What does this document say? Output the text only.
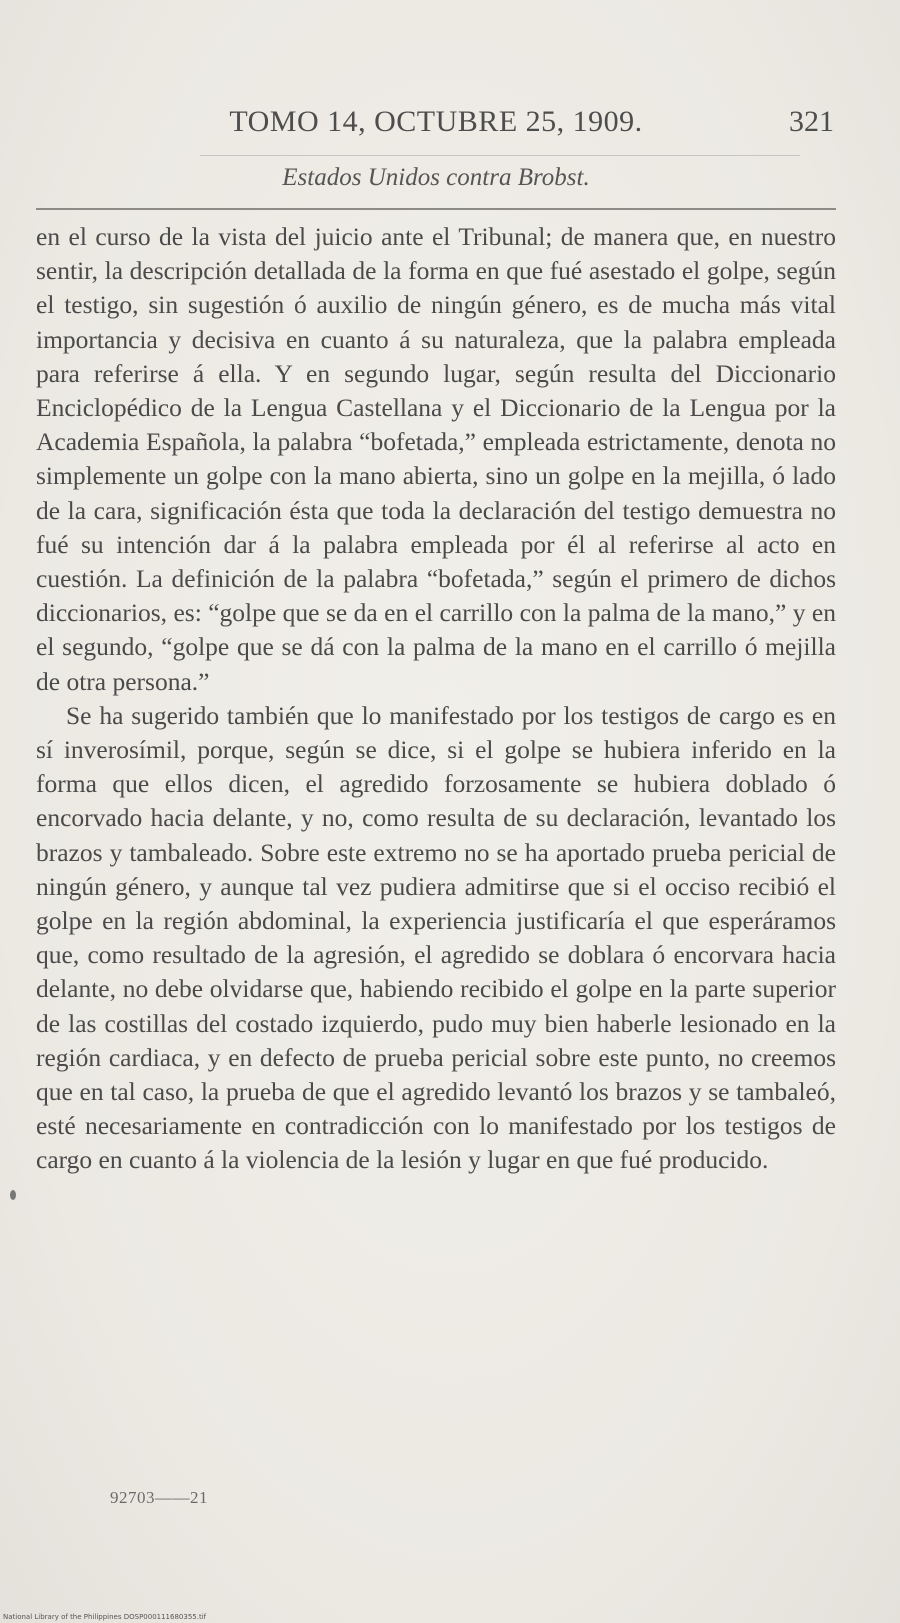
TOMO 14, OCTUBRE 25, 1909.	321
Estados Unidos contra Brobst.

en el curso de la vista del juicio ante el Tribunal; de manera que, en nuestro sentir, la descripción detallada de la forma en que fué asestado el golpe, según el testigo, sin sugestión ó auxilio de ningún género, es de mucha más vital importancia y decisiva en cuanto á su naturaleza, que la palabra empleada para referirse á ella. Y en segundo lugar, según resulta del Diccionario Enciclopédico de la Lengua Castellana y el Diccionario de la Lengua por la Academia Española, la palabra “bofetada,” empleada estrictamente, denota no simplemente un golpe con la mano abierta, sino un golpe en la mejilla, ó lado de la cara, significación ésta que toda la declaración del testigo demuestra no fué su intención dar á la palabra empleada por él al referirse al acto en cuestión. La definición de la palabra “bofetada,” según el primero de dichos diccionarios, es: “golpe que se da en el carrillo con la palma de la mano,” y en el segundo, “golpe que se dá con la palma de la mano en el carrillo ó mejilla de otra persona.”

Se ha sugerido también que lo manifestado por los testigos de cargo es en sí inverosímil, porque, según se dice, si el golpe se hubiera inferido en la forma que ellos dicen, el agredido forzosamente se hubiera doblado ó encorvado hacia delante, y no, como resulta de su declaración, levantado los brazos y tambaleado. Sobre este extremo no se ha aportado prueba pericial de ningún género, y aunque tal vez pudiera admitirse que si el occiso recibió el golpe en la región abdominal, la experiencia justificaría el que esperáramos que, como resultado de la agresión, el agredido se doblara ó encorvara hacia delante, no debe olvidarse que, habiendo recibido el golpe en la parte superior de las costillas del costado izquierdo, pudo muy bien haberle lesionado en la región cardiaca, y en defecto de prueba pericial sobre este punto, no creemos que en tal caso, la prueba de que el agredido levantó los brazos y se tambaleó, esté necesariamente en contradicción con lo manifestado por los testigos de cargo en cuanto á la violencia de la lesión y lugar en que fué producido.

92703——21
National Library of the Philippines DOSP000111680355.tif
